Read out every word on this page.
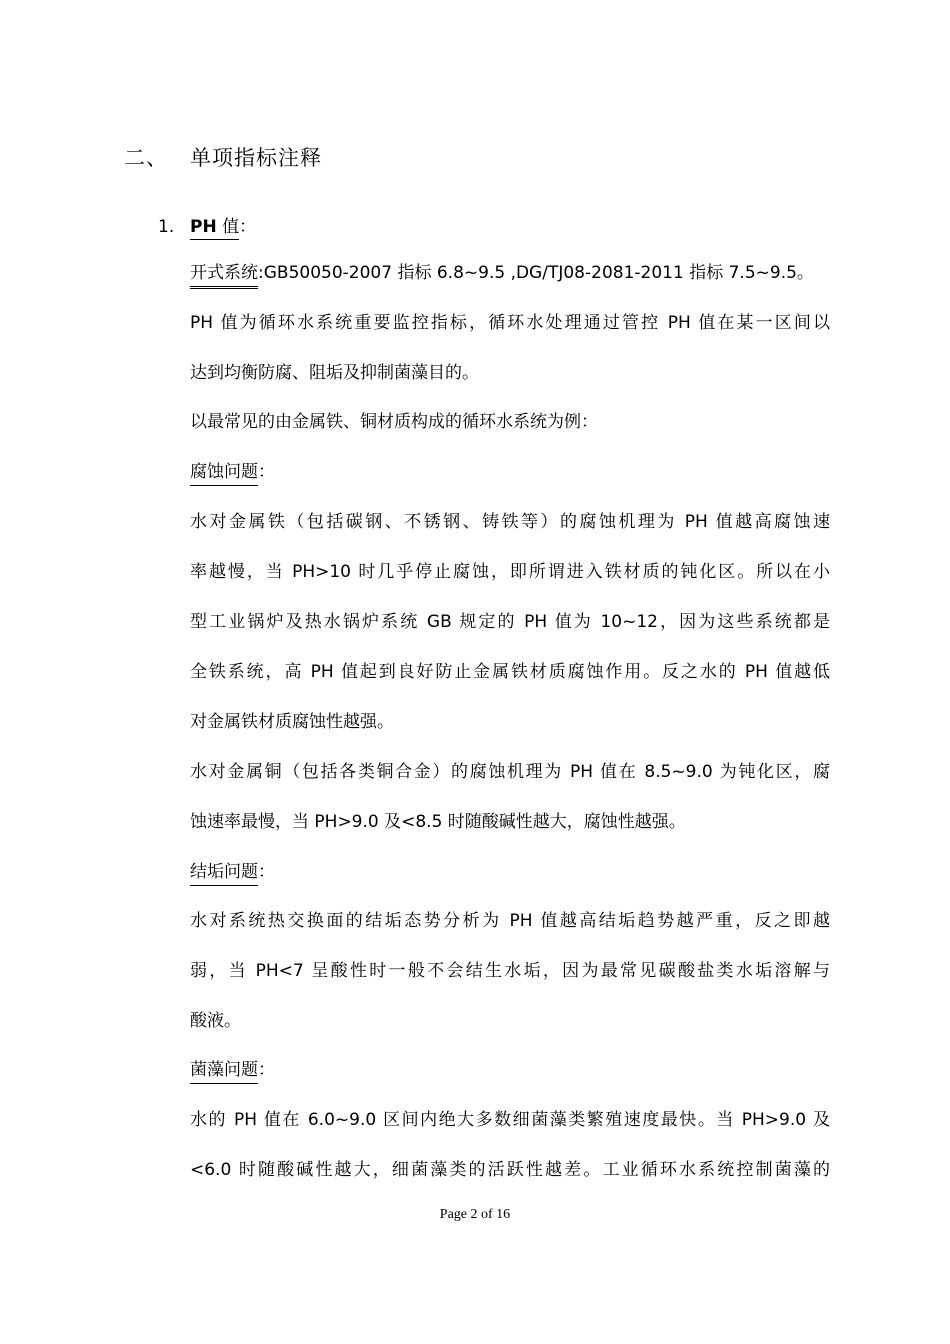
二、 单项指标注释
1. PH 值：
开式系统:GB50050-2007 指标 6.8~9.5 ,DG/TJ08-2081-2011 指标 7.5~9.5。
PH 值为循环水系统重要监控指标，循环水处理通过管控 PH 值在某一区间以
达到均衡防腐、阻垢及抑制菌藻目的。
以最常见的由金属铁、铜材质构成的循环水系统为例：
腐蚀问题：
水对金属铁（包括碳钢、不锈钢、铸铁等）的腐蚀机理为 PH 值越高腐蚀速
率越慢，当 PH>10 时几乎停止腐蚀，即所谓进入铁材质的钝化区。所以在小
型工业锅炉及热水锅炉系统 GB 规定的 PH 值为 10~12，因为这些系统都是
全铁系统，高 PH 值起到良好防止金属铁材质腐蚀作用。反之水的 PH 值越低
对金属铁材质腐蚀性越强。
水对金属铜（包括各类铜合金）的腐蚀机理为 PH 值在 8.5~9.0 为钝化区，腐
蚀速率最慢，当 PH>9.0 及<8.5 时随酸碱性越大，腐蚀性越强。
结垢问题：
水对系统热交换面的结垢态势分析为 PH 值越高结垢趋势越严重，反之即越
弱，当 PH<7 呈酸性时一般不会结生水垢，因为最常见碳酸盐类水垢溶解与
酸液。
菌藻问题：
水的 PH 值在 6.0~9.0 区间内绝大多数细菌藻类繁殖速度最快。当 PH>9.0 及
<6.0 时随酸碱性越大，细菌藻类的活跃性越差。工业循环水系统控制菌藻的
Page 2 of 16
